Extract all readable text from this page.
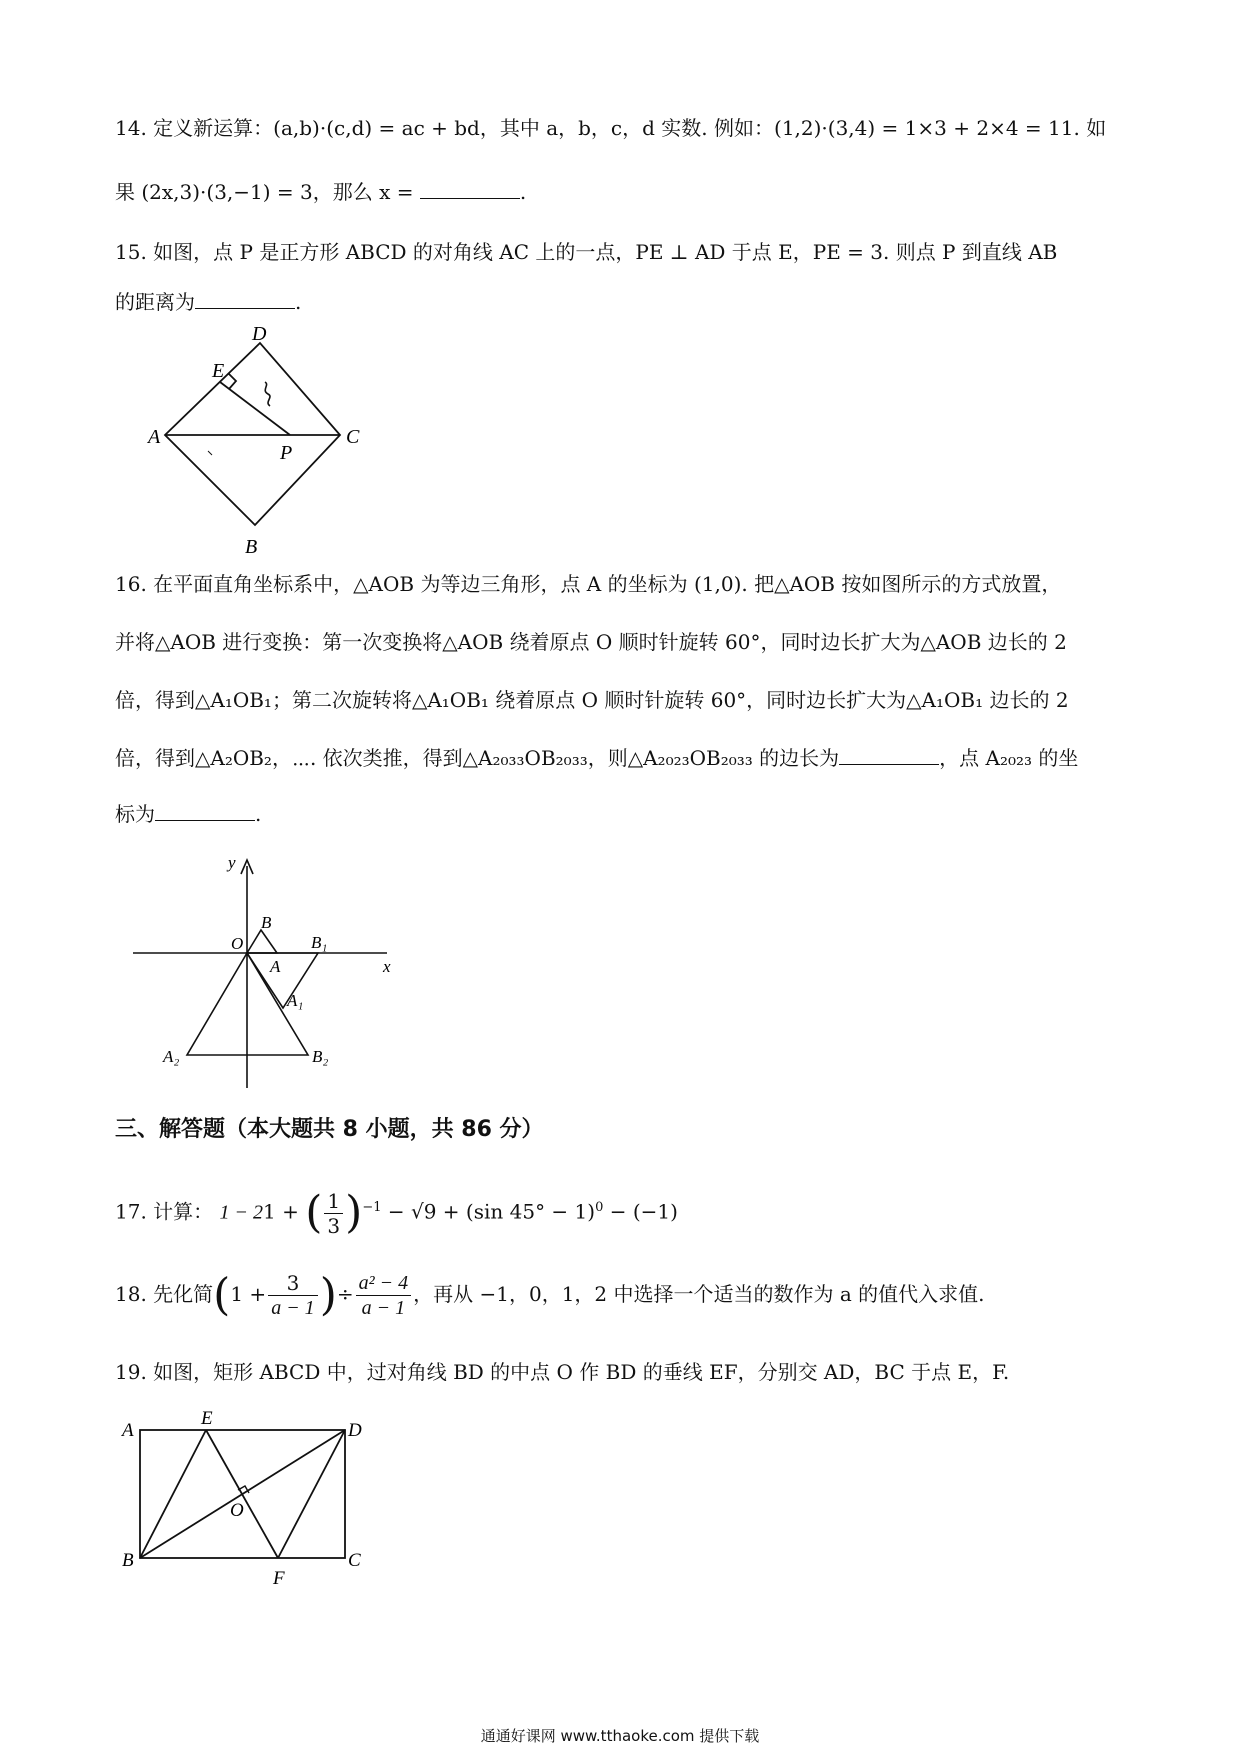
14. 定义新运算：(a,b)·(c,d) = ac + bd，其中 a，b，c，d 实数. 例如：(1,2)·(3,4) = 1×3 + 2×4 = 11. 如
果 (2x,3)·(3,−1) = 3，那么 x =	.
15. 如图，点 P 是正方形 ABCD 的对角线 AC 上的一点，PE ⊥ AD 于点 E，PE = 3. 则点 P 到直线 AB
的距离为	.
A
B
C
D
E
P
16. 在平面直角坐标系中，△AOB 为等边三角形，点 A 的坐标为 (1,0). 把△AOB 按如图所示的方式放置，
并将△AOB 进行变换：第一次变换将△AOB 绕着原点 O 顺时针旋转 60°，同时边长扩大为△AOB 边长的 2
倍，得到△A₁OB₁；第二次旋转将△A₁OB₁ 绕着原点 O 顺时针旋转 60°，同时边长扩大为△A₁OB₁ 边长的 2
倍，得到△A₂OB₂，⋯. 依次类推，得到△A₂₀₃₃OB₂₀₃₃，则△A₂₀₂₃OB₂₀₃₃ 的边长为	，点 A₂₀₂₃ 的坐
标为	.
y
x
O
B
A
B₁
A₁
A₂	B₂
三、解答题（本大题共 8 小题，共 86 分）
17. 计算： 1 − 21 + ( $\frac{1}{3} )^{-1} - √9 + (\sin$ 45° − 1)$^0$ − (−1)
18. 先化简($1 + \frac{3}{a - 1}$ )÷ $\frac{\text{a² − 4}}{a - 1}$ ，再从 −1，0，1，2 中选择一个适当的数作为 a 的值代入求值.
19. 如图，矩形 ABCD 中，过对角线 BD 的中点 O 作 BD 的垂线 EF，分别交 AD，BC 于点 E，F.
A
E
D
O
B
F
C
通通好课网 www.tthaoke.com 提供下载
